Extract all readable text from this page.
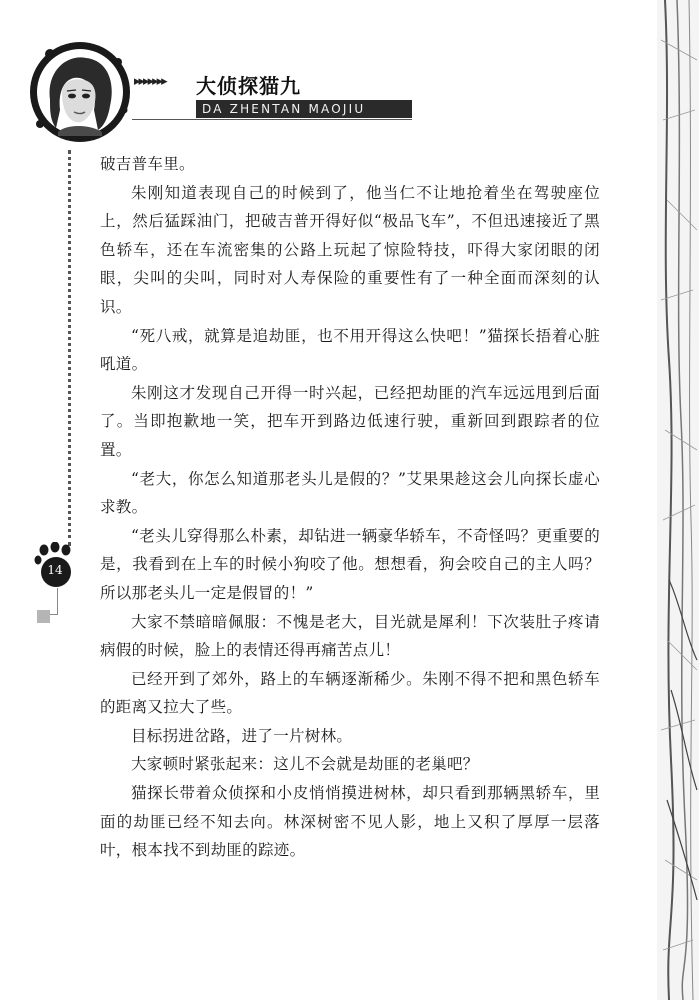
▸▸▸▸▸▸▸ 大侦探猫九
DA ZHENTAN MAOJIU
14

破吉普车里。

朱刚知道表现自己的时候到了，他当仁不让地抢着坐在驾驶座位上，然后猛踩油门，把破吉普开得好似“极品飞车”，不但迅速接近了黑色轿车，还在车流密集的公路上玩起了惊险特技，吓得大家闭眼的闭眼，尖叫的尖叫，同时对人寿保险的重要性有了一种全面而深刻的认识。

“死八戒，就算是追劫匪，也不用开得这么快吧！”猫探长捂着心脏吼道。

朱刚这才发现自己开得一时兴起，已经把劫匪的汽车远远甩到后面了。当即抱歉地一笑，把车开到路边低速行驶，重新回到跟踪者的位置。

“老大，你怎么知道那老头儿是假的？”艾果果趁这会儿向探长虚心求教。

“老头儿穿得那么朴素，却钻进一辆豪华轿车，不奇怪吗？更重要的是，我看到在上车的时候小狗咬了他。想想看，狗会咬自己的主人吗？所以那老头儿一定是假冒的！”

大家不禁暗暗佩服：不愧是老大，目光就是犀利！下次装肚子疼请病假的时候，脸上的表情还得再痛苦点儿！

已经开到了郊外，路上的车辆逐渐稀少。朱刚不得不把和黑色轿车的距离又拉大了些。

目标拐进岔路，进了一片树林。

大家顿时紧张起来：这儿不会就是劫匪的老巢吧？

猫探长带着众侦探和小皮悄悄摸进树林，却只看到那辆黑轿车，里面的劫匪已经不知去向。林深树密不见人影，地上又积了厚厚一层落叶，根本找不到劫匪的踪迹。
